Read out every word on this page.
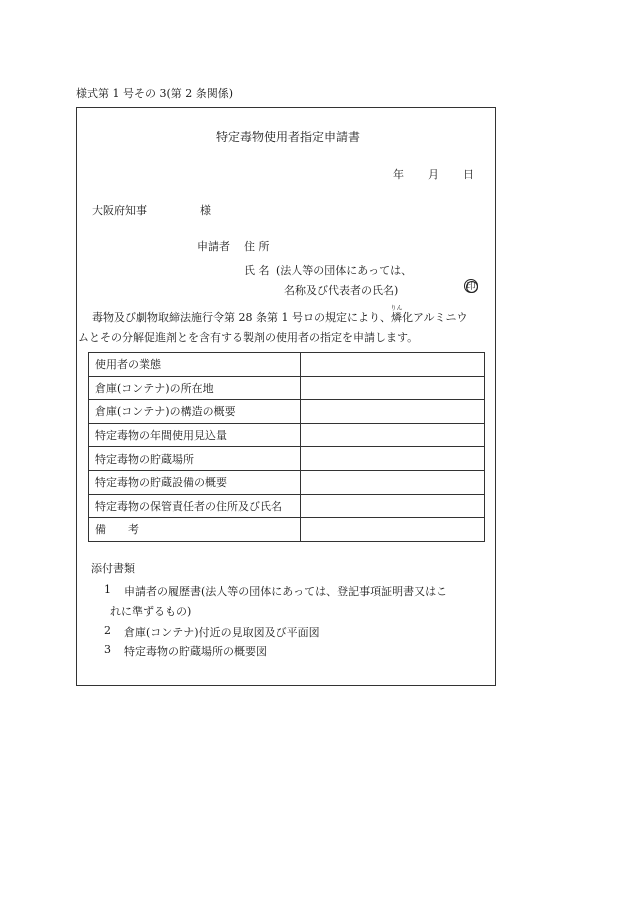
様式第 1 号その 3(第 2 条関係)
特定毒物使用者指定申請書
年 月 日
大阪府知事	様
申請者 住 所
氏 名 (法人等の団体にあっては、
名称及び代表者の氏名)	印
毒物及び劇物取締法施行令第 28 条第 1 号ロの規定により、燐りん化アルミニウ
ムとその分解促進剤とを含有する製剤の使用者の指定を申請します。
使用者の業態	
倉庫(コンテナ)の所在地	
倉庫(コンテナ)の構造の概要	
特定毒物の年間使用見込量	
特定毒物の貯蔵場所	
特定毒物の貯蔵設備の概要	
特定毒物の保管責任者の住所及び氏名	
備　　考	
添付書類
1 申請者の履歴書(法人等の団体にあっては、登記事項証明書又はこ
れに準ずるもの)
2 倉庫(コンテナ)付近の見取図及び平面図
3 特定毒物の貯蔵場所の概要図
